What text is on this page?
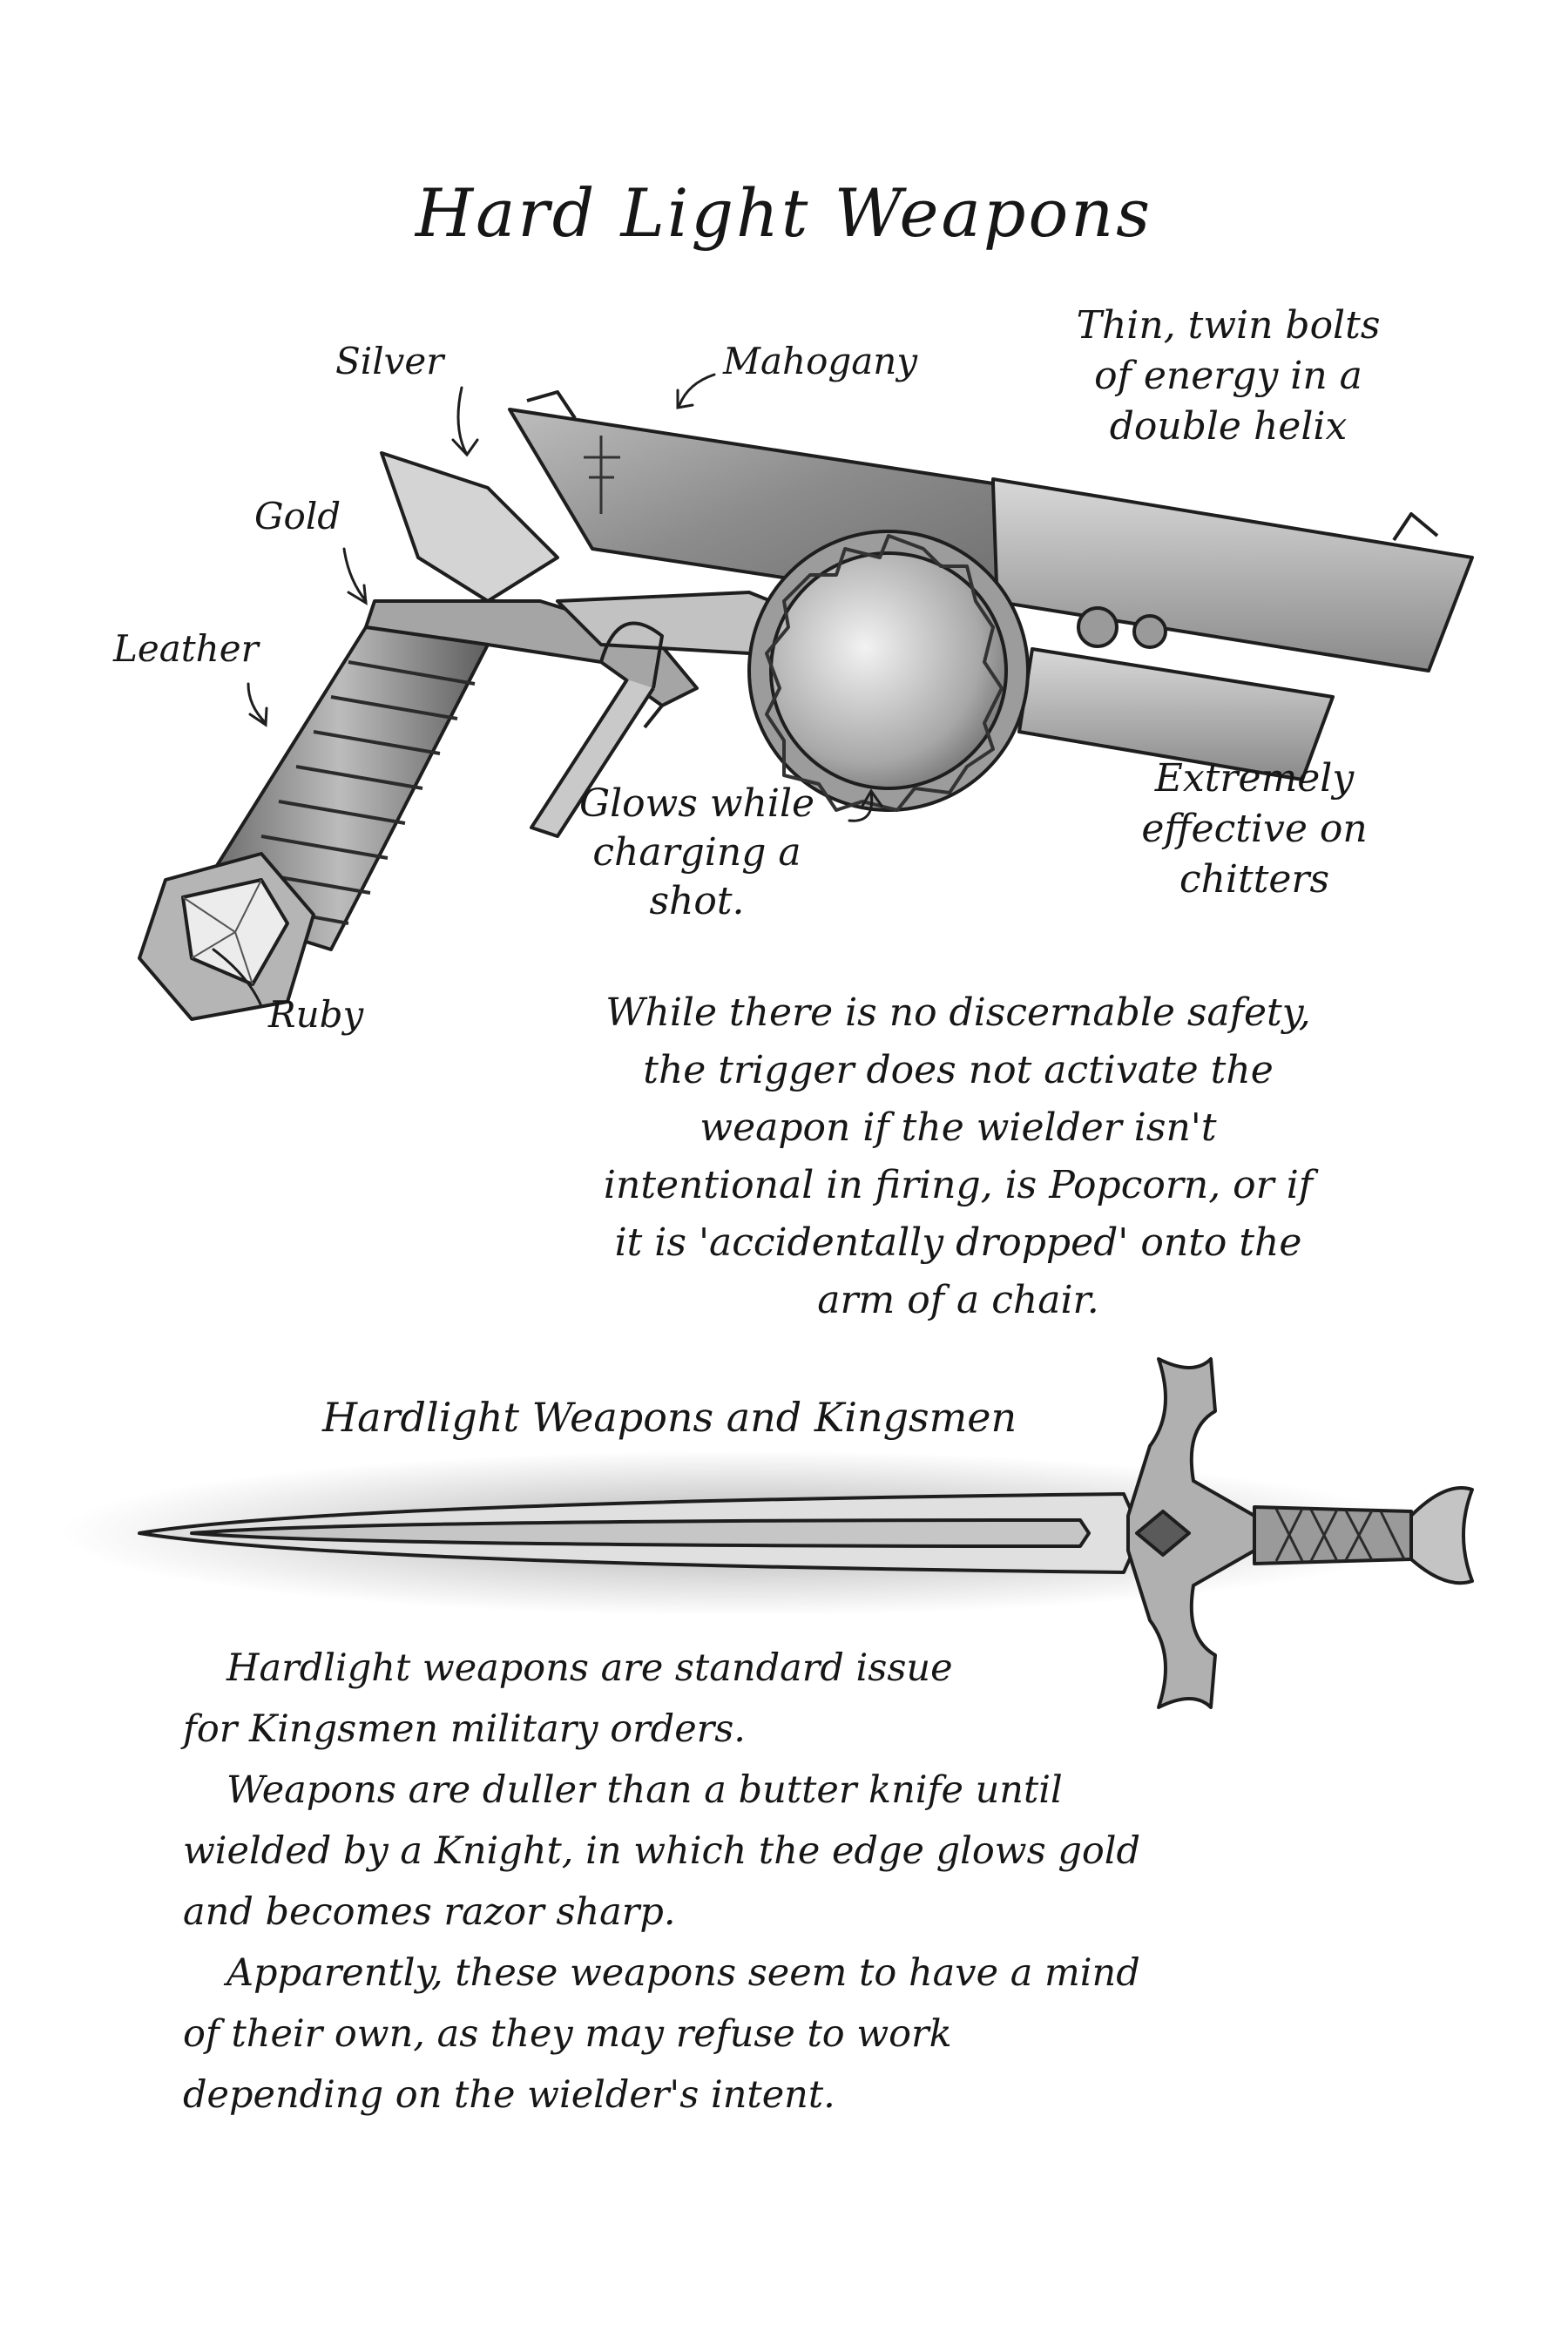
Hard Light Weapons
Silver	Mahogany
Gold
Leather
Ruby
Thin, twin bolts
of energy in a
double helix
Glows while
charging a
shot.
Extremely
effective on
chitters
While there is no discernable safety,
the trigger does not activate the
weapon if the wielder isn't
intentional in firing, is Popcorn, or if
it is 'accidentally dropped' onto the
arm of a chair.
Hardlight Weapons and Kingsmen
Hardlight weapons are standard issue
for Kingsmen military orders.
Weapons are duller than a butter knife until
wielded by a Knight, in which the edge glows gold
and becomes razor sharp.
Apparently, these weapons seem to have a mind
of their own, as they may refuse to work
depending on the wielder's intent.
